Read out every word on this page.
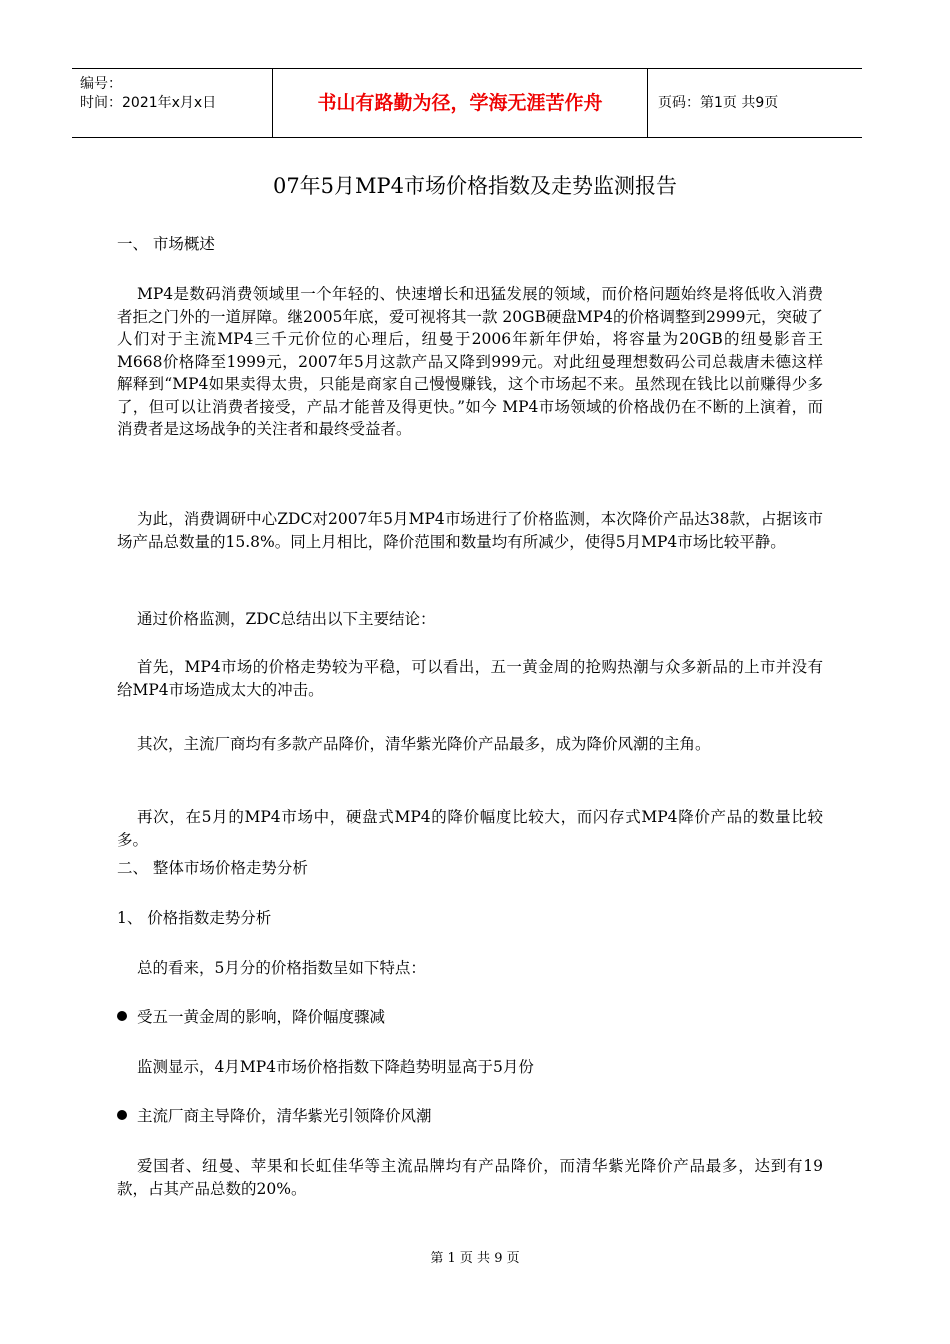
编号：
时间：2021年x月x日	书山有路勤为径，学海无涯苦作舟	页码：第1页 共9页
07年5月MP4市场价格指数及走势监测报告
一、 市场概述
MP4是数码消费领域里一个年轻的、快速增长和迅猛发展的领域，而价格问题始终是将低收入消费者拒之门外的一道屏障。继2005年底，爱可视将其一款 20GB硬盘MP4的价格调整到2999元，突破了人们对于主流MP4三千元价位的心理后，纽曼于2006年新年伊始，将容量为20GB的纽曼影音王 M668价格降至1999元，2007年5月这款产品又降到999元。对此纽曼理想数码公司总裁唐未德这样解释到“MP4如果卖得太贵，只能是商家自己慢慢赚钱，这个市场起不来。虽然现在钱比以前赚得少多了，但可以让消费者接受，产品才能普及得更快。”如今 MP4市场领域的价格战仍在不断的上演着，而消费者是这场战争的关注者和最终受益者。
为此，消费调研中心ZDC对2007年5月MP4市场进行了价格监测，本次降价产品达38款，占据该市场产品总数量的15.8%。同上月相比，降价范围和数量均有所减少，使得5月MP4市场比较平静。
通过价格监测，ZDC总结出以下主要结论：
首先，MP4市场的价格走势较为平稳，可以看出，五一黄金周的抢购热潮与众多新品的上市并没有给MP4市场造成太大的冲击。
其次，主流厂商均有多款产品降价，清华紫光降价产品最多，成为降价风潮的主角。
再次，在5月的MP4市场中，硬盘式MP4的降价幅度比较大，而闪存式MP4降价产品的数量比较多。
二、 整体市场价格走势分析
1、 价格指数走势分析
总的看来，5月分的价格指数呈如下特点：
受五一黄金周的影响，降价幅度骤减
监测显示，4月MP4市场价格指数下降趋势明显高于5月份
主流厂商主导降价，清华紫光引领降价风潮
爱国者、纽曼、苹果和长虹佳华等主流品牌均有产品降价，而清华紫光降价产品最多，达到有19款，占其产品总数的20%。
第 1 页 共 9 页
